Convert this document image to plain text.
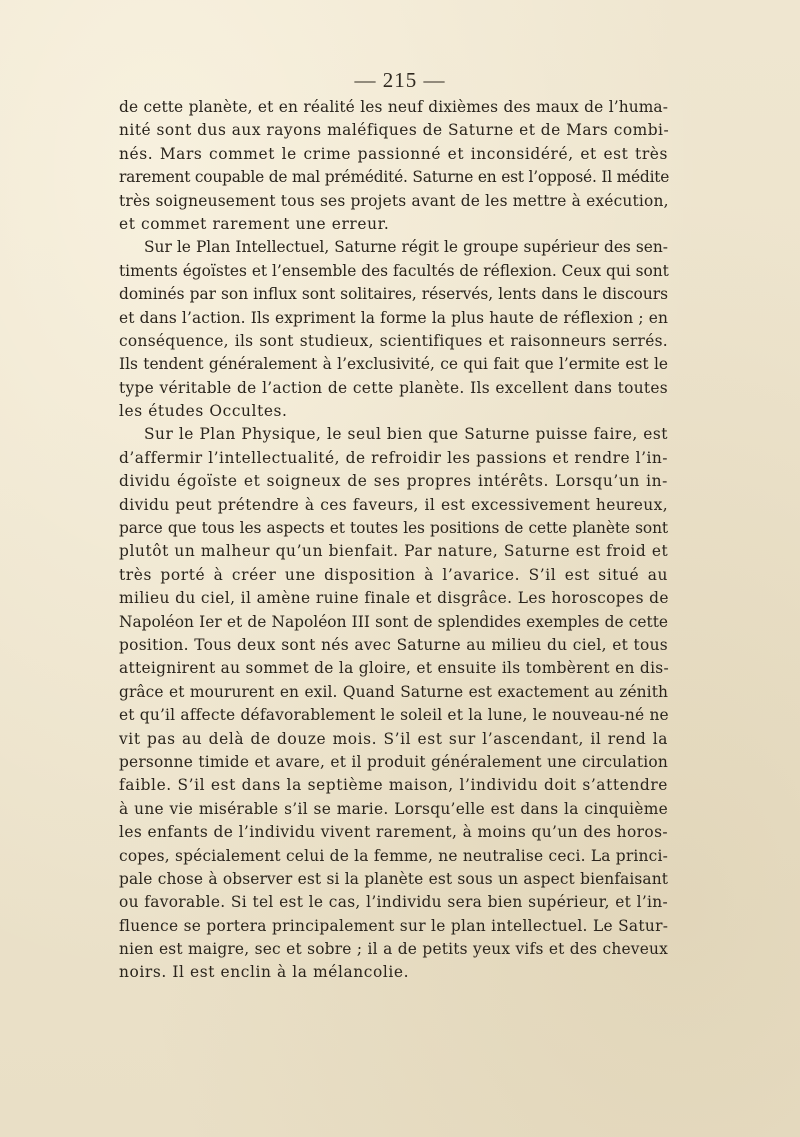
— 215 —
de cette planète, et en réalité les neuf dixièmes des maux de l’huma-
nité sont dus aux rayons maléfiques de Saturne et de Mars combi-
nés. Mars commet le crime passionné et inconsidéré, et est très
rarement coupable de mal prémédité. Saturne en est l’opposé. Il médite
très soigneusement tous ses projets avant de les mettre à exécution,
et commet rarement une erreur.
Sur le Plan Intellectuel, Saturne régit le groupe supérieur des sen-
timents égoïstes et l’ensemble des facultés de réflexion. Ceux qui sont
dominés par son influx sont solitaires, réservés, lents dans le discours
et dans l’action. Ils expriment la forme la plus haute de réflexion ; en
conséquence, ils sont studieux, scientifiques et raisonneurs serrés.
Ils tendent généralement à l’exclusivité, ce qui fait que l’ermite est le
type véritable de l’action de cette planète. Ils excellent dans toutes
les études Occultes.
Sur le Plan Physique, le seul bien que Saturne puisse faire, est
d’affermir l’intellectualité, de refroidir les passions et rendre l’in-
dividu égoïste et soigneux de ses propres intérêts. Lorsqu’un in-
dividu peut prétendre à ces faveurs, il est excessivement heureux,
parce que tous les aspects et toutes les positions de cette planète sont
plutôt un malheur qu’un bienfait. Par nature, Saturne est froid et
très porté à créer une disposition à l’avarice. S’il est situé au
milieu du ciel, il amène ruine finale et disgrâce. Les horoscopes de
Napoléon Ier et de Napoléon III sont de splendides exemples de cette
position. Tous deux sont nés avec Saturne au milieu du ciel, et tous
atteignirent au sommet de la gloire, et ensuite ils tombèrent en dis-
grâce et moururent en exil. Quand Saturne est exactement au zénith
et qu’il affecte défavorablement le soleil et la lune, le nouveau-né ne
vit pas au delà de douze mois. S’il est sur l’ascendant, il rend la
personne timide et avare, et il produit généralement une circulation
faible. S’il est dans la septième maison, l’individu doit s’attendre
à une vie misérable s’il se marie. Lorsqu’elle est dans la cinquième
les enfants de l’individu vivent rarement, à moins qu’un des horos-
copes, spécialement celui de la femme, ne neutralise ceci. La princi-
pale chose à observer est si la planète est sous un aspect bienfaisant
ou favorable. Si tel est le cas, l’individu sera bien supérieur, et l’in-
fluence se portera principalement sur le plan intellectuel. Le Satur-
nien est maigre, sec et sobre ; il a de petits yeux vifs et des cheveux
noirs. Il est enclin à la mélancolie.
